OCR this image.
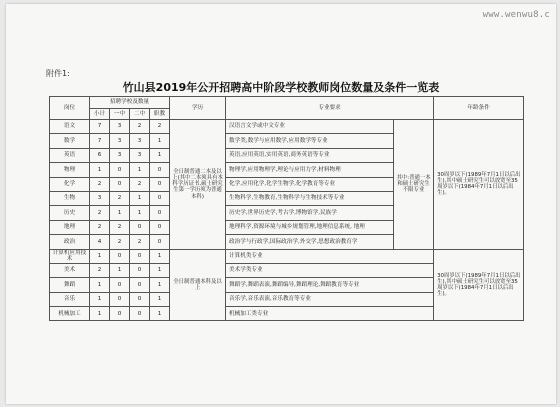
www.wenwu8.c
附件1:
竹山县2019年公开招聘高中阶段学校教师岗位数量及条件一览表
岗位	招聘学校及数量				学历	专业要求		年龄条件
	小计	一中	二中	职教				
语文	7	3	2	2	全日制普通二本及以上(其中二本须具有本科学历证书,硕士研究生第一学历须为普通本科)	汉语言文学或中文专业	其中:普通一本和硕士研究生不限专业	30周岁以下(1989年7月1日以后出生),其中硕士研究生可以放宽至35周岁以下(1984年7月1日以后出生)。
数学	7	3	3	1		数学类,数学与应用数学,应用数学等专业		
英语	6	3	3	1		英语,应用英语,实用英语,商务英语等专业		
物理	1	0	1	0		物理学,应用物理学,理论与应用力学,材料物理		
化学	2	0	2	0		化学,应用化学,化学生物学,化学教育等专业		
生物	3	2	1	0		生物科学,生物教育,生物科学与生物技术等专业		
历史	2	1	1	0		历史学,世界历史学,考古学,博物馆学,民族学		
地理	2	2	0	0		地理科学,资源环境与城乡规划管理,地理信息系统, 地理		
政治	4	2	2	0		政治学与行政学,国际政治学,外交学,思想政治教育学		
计算机应用技术	1	0	0	1	全日制普通本科及以上	计算机类专业		30周岁以下(1989年7月1日以后出生),其中硕士研究生可以放宽至35周岁以下(1984年7月1日以后出生)。
美术	2	1	0	1		美术学类专业		
舞蹈	1	0	0	1		舞蹈学,舞蹈表演,舞蹈编导,舞蹈理论,舞蹈教育等专业		
音乐	1	0	0	1		音乐学,音乐表演,音乐教育等专业		
机械加工	1	0	0	1		机械加工类专业		
